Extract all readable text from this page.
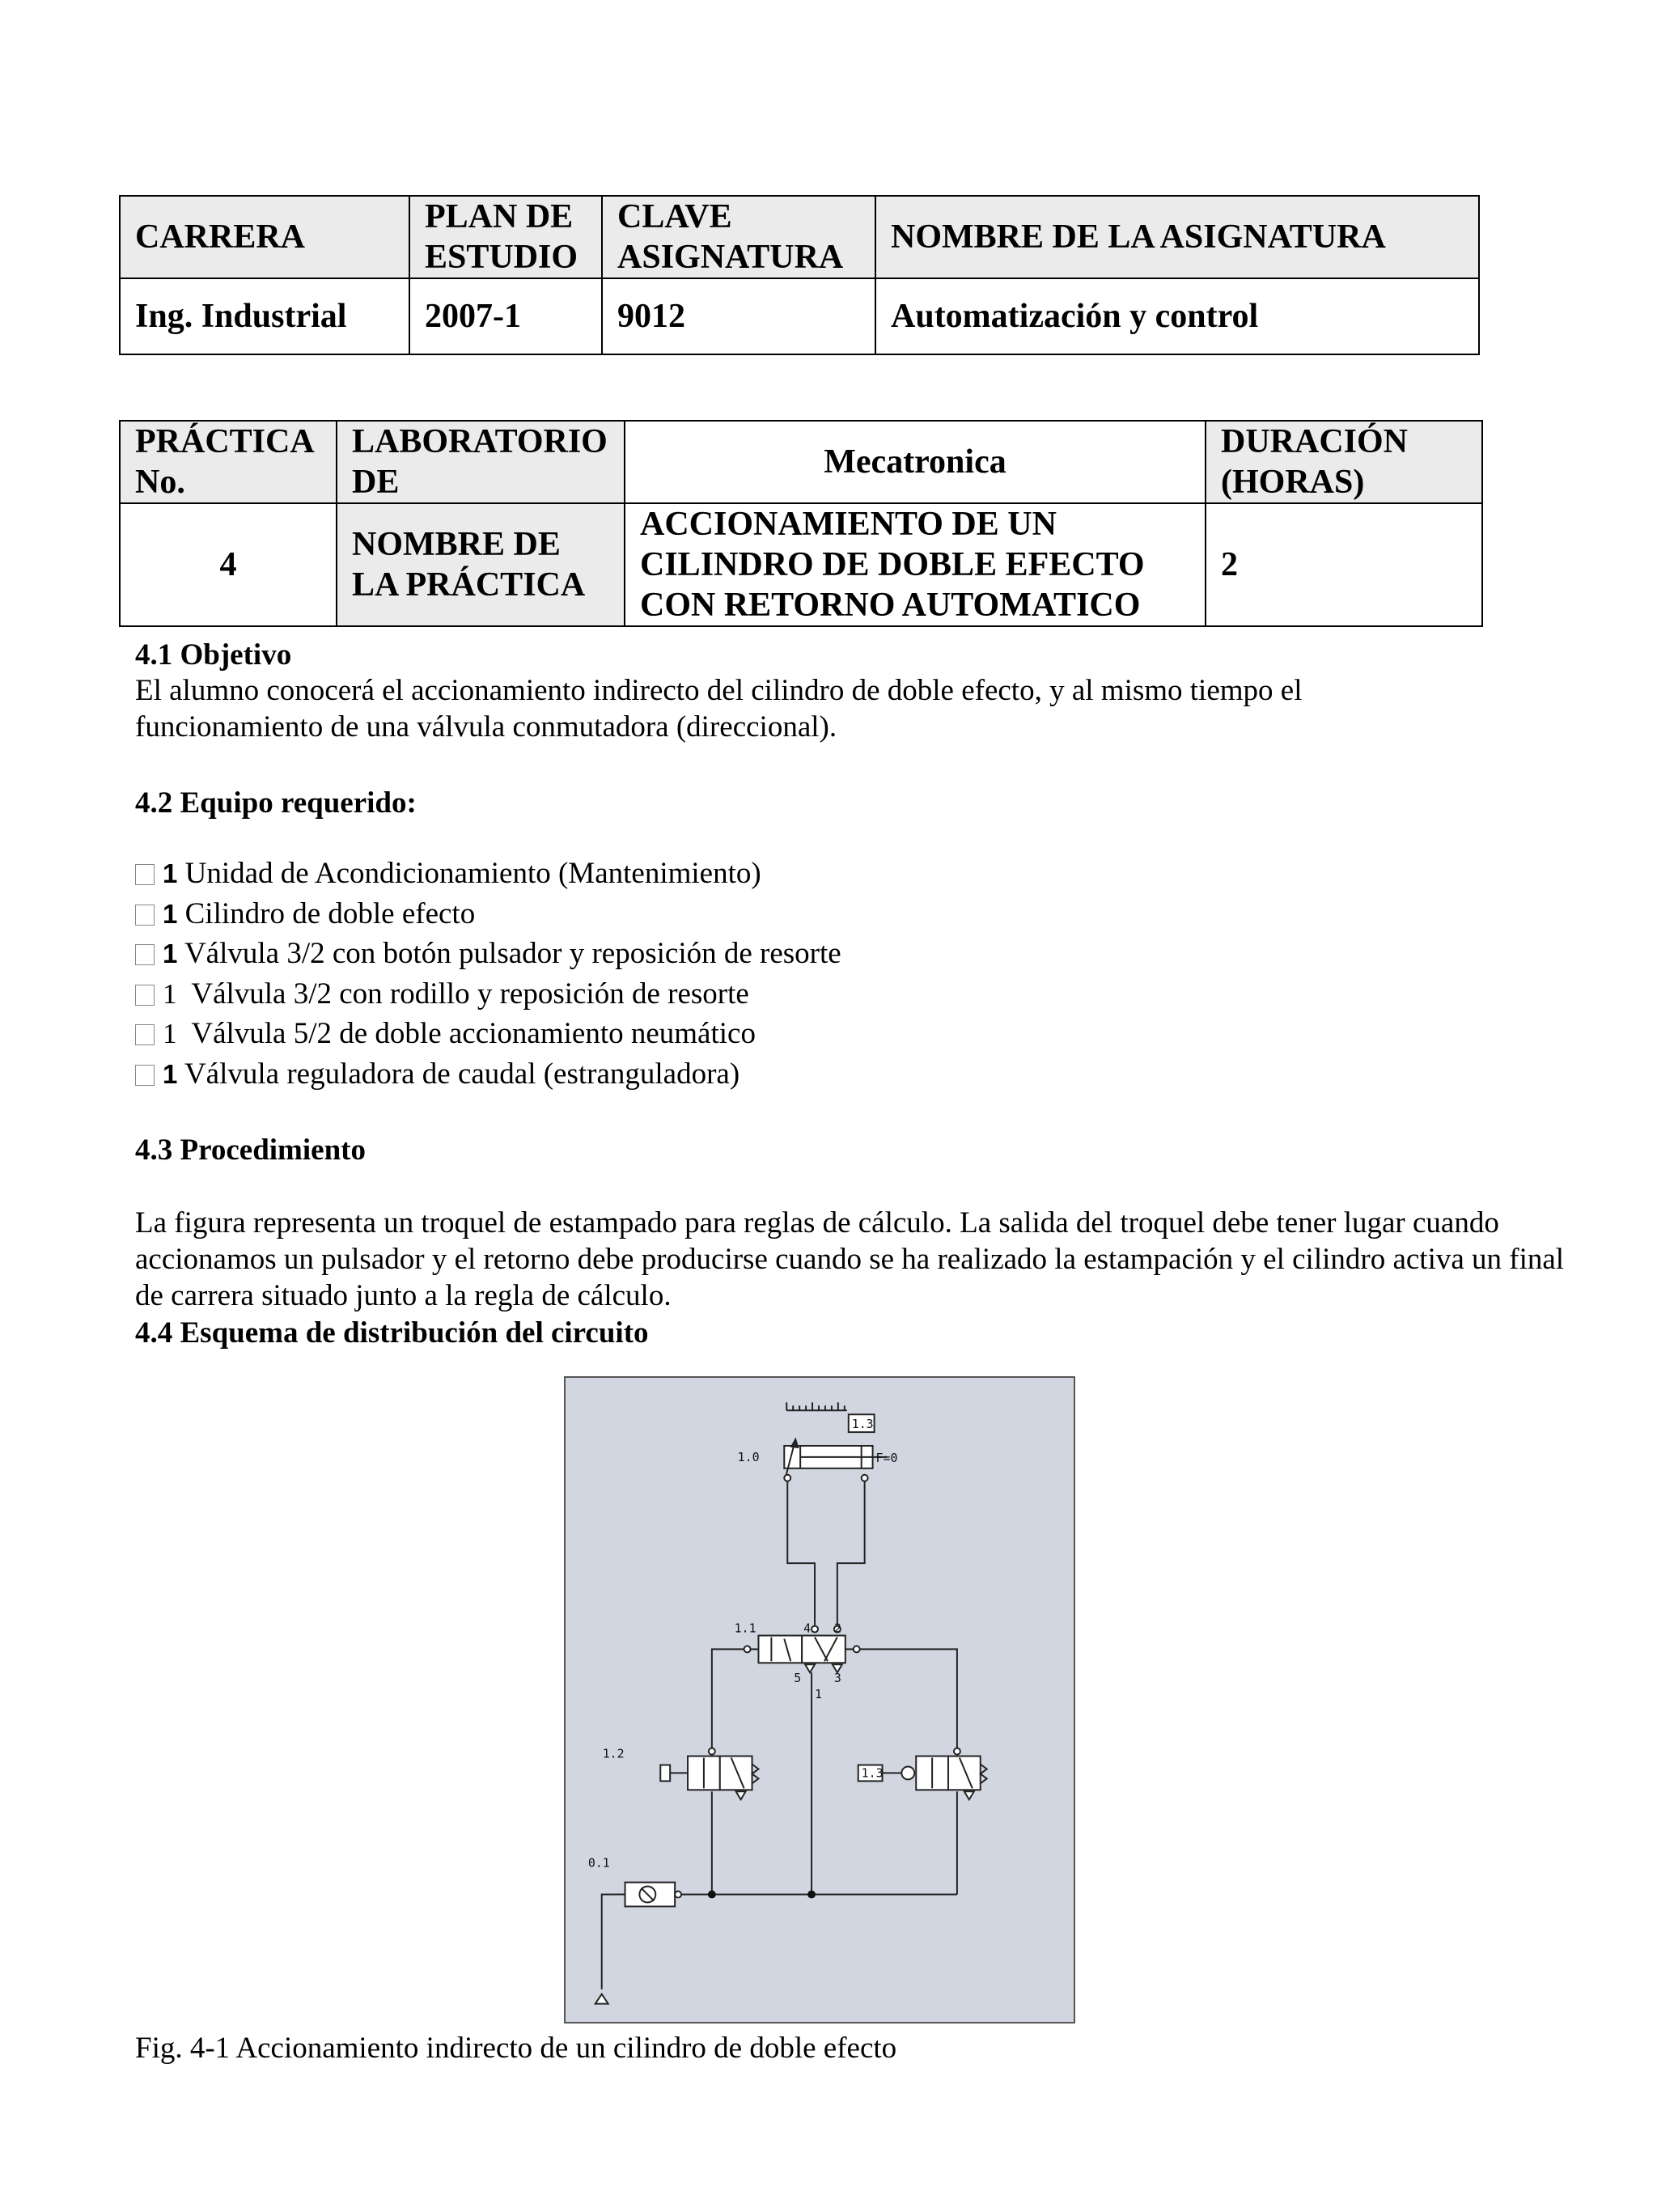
CARRERA	PLAN DE ESTUDIO	CLAVE ASIGNATURA	NOMBRE DE LA ASIGNATURA
Ing. Industrial	2007-1	9012	Automatización y control
PRÁCTICA No.	LABORATORIO DE	Mecatronica	DURACIÓN (HORAS)
4	NOMBRE DE LA PRÁCTICA	ACCIONAMIENTO DE UN CILINDRO DE DOBLE EFECTO CON RETORNO AUTOMATICO	2
4.1 Objetivo
El alumno conocerá el accionamiento indirecto del cilindro de doble efecto, y al mismo tiempo el funcionamiento de una válvula conmutadora (direccional).
4.2 Equipo requerido:
1 Unidad de Acondicionamiento (Mantenimiento)
1 Cilindro de doble efecto
1 Válvula 3/2 con botón pulsador y reposición de resorte
1 Válvula 3/2 con rodillo y reposición de resorte
1 Válvula 5/2 de doble accionamiento neumático
1 Válvula reguladora de caudal (estranguladora)
4.3 Procedimiento
La figura representa un troquel de estampado para reglas de cálculo. La salida del troquel debe tener lugar cuando accionamos un pulsador y el retorno debe producirse cuando se ha realizado la estampación y el cilindro activa un final de carrera situado junto a la regla de cálculo.
4.4 Esquema de distribución del circuito
1.3
1.0	F=0
1.1	4 2
5	3
1
1.2
1.3
0.1
Fig. 4-1 Accionamiento indirecto de un cilindro de doble efecto
